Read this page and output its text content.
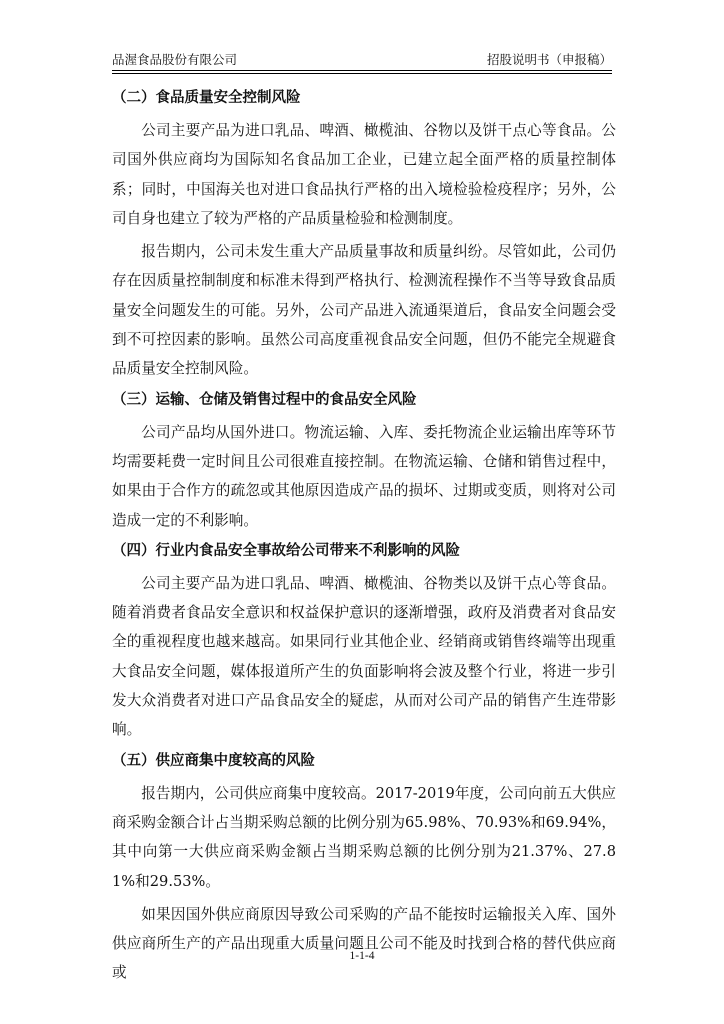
品渥食品股份有限公司	招股说明书（申报稿）
（二）食品质量安全控制风险

公司主要产品为进口乳品、啤酒、橄榄油、谷物以及饼干点心等食品。公司国外供应商均为国际知名食品加工企业，已建立起全面严格的质量控制体系；同时，中国海关也对进口食品执行严格的出入境检验检疫程序；另外，公司自身也建立了较为严格的产品质量检验和检测制度。

报告期内，公司未发生重大产品质量事故和质量纠纷。尽管如此，公司仍存在因质量控制制度和标准未得到严格执行、检测流程操作不当等导致食品质量安全问题发生的可能。另外，公司产品进入流通渠道后，食品安全问题会受到不可控因素的影响。虽然公司高度重视食品安全问题，但仍不能完全规避食品质量安全控制风险。

（三）运输、仓储及销售过程中的食品安全风险

公司产品均从国外进口。物流运输、入库、委托物流企业运输出库等环节均需要耗费一定时间且公司很难直接控制。在物流运输、仓储和销售过程中，如果由于合作方的疏忽或其他原因造成产品的损坏、过期或变质，则将对公司造成一定的不利影响。

（四）行业内食品安全事故给公司带来不利影响的风险

公司主要产品为进口乳品、啤酒、橄榄油、谷物类以及饼干点心等食品。随着消费者食品安全意识和权益保护意识的逐渐增强，政府及消费者对食品安全的重视程度也越来越高。如果同行业其他企业、经销商或销售终端等出现重大食品安全问题，媒体报道所产生的负面影响将会波及整个行业，将进一步引发大众消费者对进口产品食品安全的疑虑，从而对公司产品的销售产生连带影响。

（五）供应商集中度较高的风险

报告期内，公司供应商集中度较高。2017-2019年度，公司向前五大供应商采购金额合计占当期采购总额的比例分别为65.98%、70.93%和69.94%，其中向第一大供应商采购金额占当期采购总额的比例分别为21.37%、27.81%和29.53%。

如果因国外供应商原因导致公司采购的产品不能按时运输报关入库、国外供应商所生产的产品出现重大质量问题且公司不能及时找到合格的替代供应商或

1-1-4
